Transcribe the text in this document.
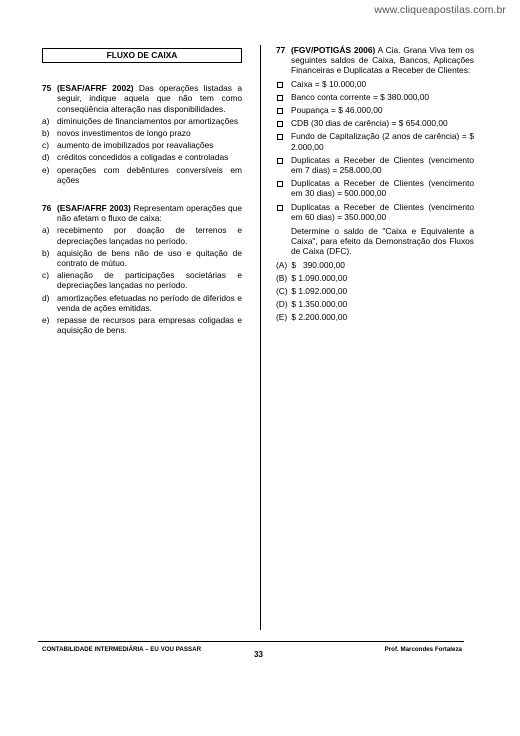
www.cliqueapostilas.com.br
FLUXO DE CAIXA
75 (ESAF/AFRF 2002) Das operações listadas a seguir, indique aquela que não tem como conseqüência alteração nas disponibilidades.
a) diminuições de financiamentos por amortizações
b) novos investimentos de longo prazo
c) aumento de imobilizados por reavaliações
d) créditos concedidos a coligadas e controladas
e) operações com debêntures conversíveis em ações
76 (ESAF/AFRF 2003) Representam operações que não afetam o fluxo de caixa:
a) recebimento por doação de terrenos e depreciações lançadas no período.
b) aquisição de bens não de uso e quitação de contrato de mútuo.
c) alienação de participações societárias e depreciações lançadas no período.
d) amortizações efetuadas no período de diferidos e venda de ações emitidas.
e) repasse de recursos para empresas coligadas e aquisição de bens.
77 (FGV/POTIGÁS 2006) A Cia. Grana Viva tem os seguintes saldos de Caixa, Bancos, Aplicações Financeiras e Duplicatas a Receber de Clientes:
Caixa = $ 10.000,00
Banco conta corrente = $ 380.000,00
Poupança = $ 46.000,00
CDB (30 dias de carência) = $ 654.000,00
Fundo de Capitalização (2 anos de carência) = $ 2.000,00
Duplicatas a Receber de Clientes (vencimento em 7 dias) = 258.000,00
Duplicatas a Receber de Clientes (vencimento em 30 dias) = 500.000,00
Duplicatas a Receber de Clientes (vencimento em 60 dias) = 350.000,00
Determine o saldo de "Caixa e Equivalente a Caixa", para efeito da Demonstração dos Fluxos de Caixa (DFC).
(A)
$   390.000,00
(B)
$ 1.090.000,00
(C)
$ 1.092.000,00
(D)
$ 1.350.000,00
(E)
$ 2.200.000,00
CONTABILIDADE INTERMEDIÁRIA – EU VOU PASSAR
33
Prof. Marcondes Fortaleza
